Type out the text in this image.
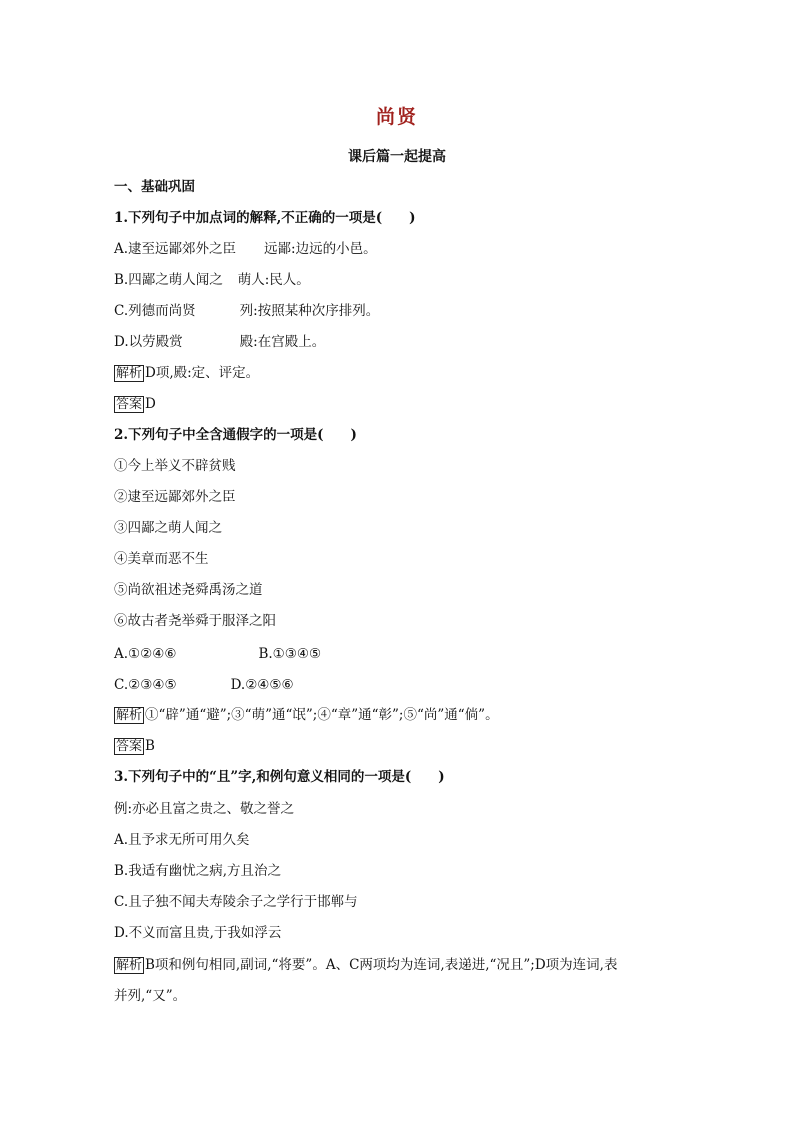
尚贤
课后篇一起提高
一、基础巩固
1.下列句子中加点词的解释,不正确的一项是(　　)
A.逮至远鄙郊外之臣 远鄙:边远的小邑。
B.四鄙之萌人闻之 萌人:民人。
C.列德而尚贤	列:按照某种次序排列。
D.以劳殿赏	殿:在宫殿上。
解析 D项,殿:定、评定。
答案 D
2.下列句子中全含通假字的一项是(　　)
①今上举义不辟贫贱
②逮至远鄙郊外之臣
③四鄙之萌人闻之
④美章而恶不生
⑤尚欲祖述尧舜禹汤之道
⑥故古者尧举舜于服泽之阳
A.①②④⑥	B.①③④⑤
C.②③④⑤	D.②④⑤⑥
解析 ①“辟”通“避”;③“萌”通“氓”;④“章”通“彰”;⑤“尚”通“倘”。
答案 B
3.下列句子中的“且”字,和例句意义相同的一项是(　　)
例:亦必且富之贵之、敬之誉之
A.且予求无所可用久矣
B.我适有幽忧之病,方且治之
C.且子独不闻夫寿陵余子之学行于邯郸与
D.不义而富且贵,于我如浮云
解析 B项和例句相同,副词,“将要”。A、C两项均为连词,表递进,“况且”;D项为连词,表
并列,“又”。
